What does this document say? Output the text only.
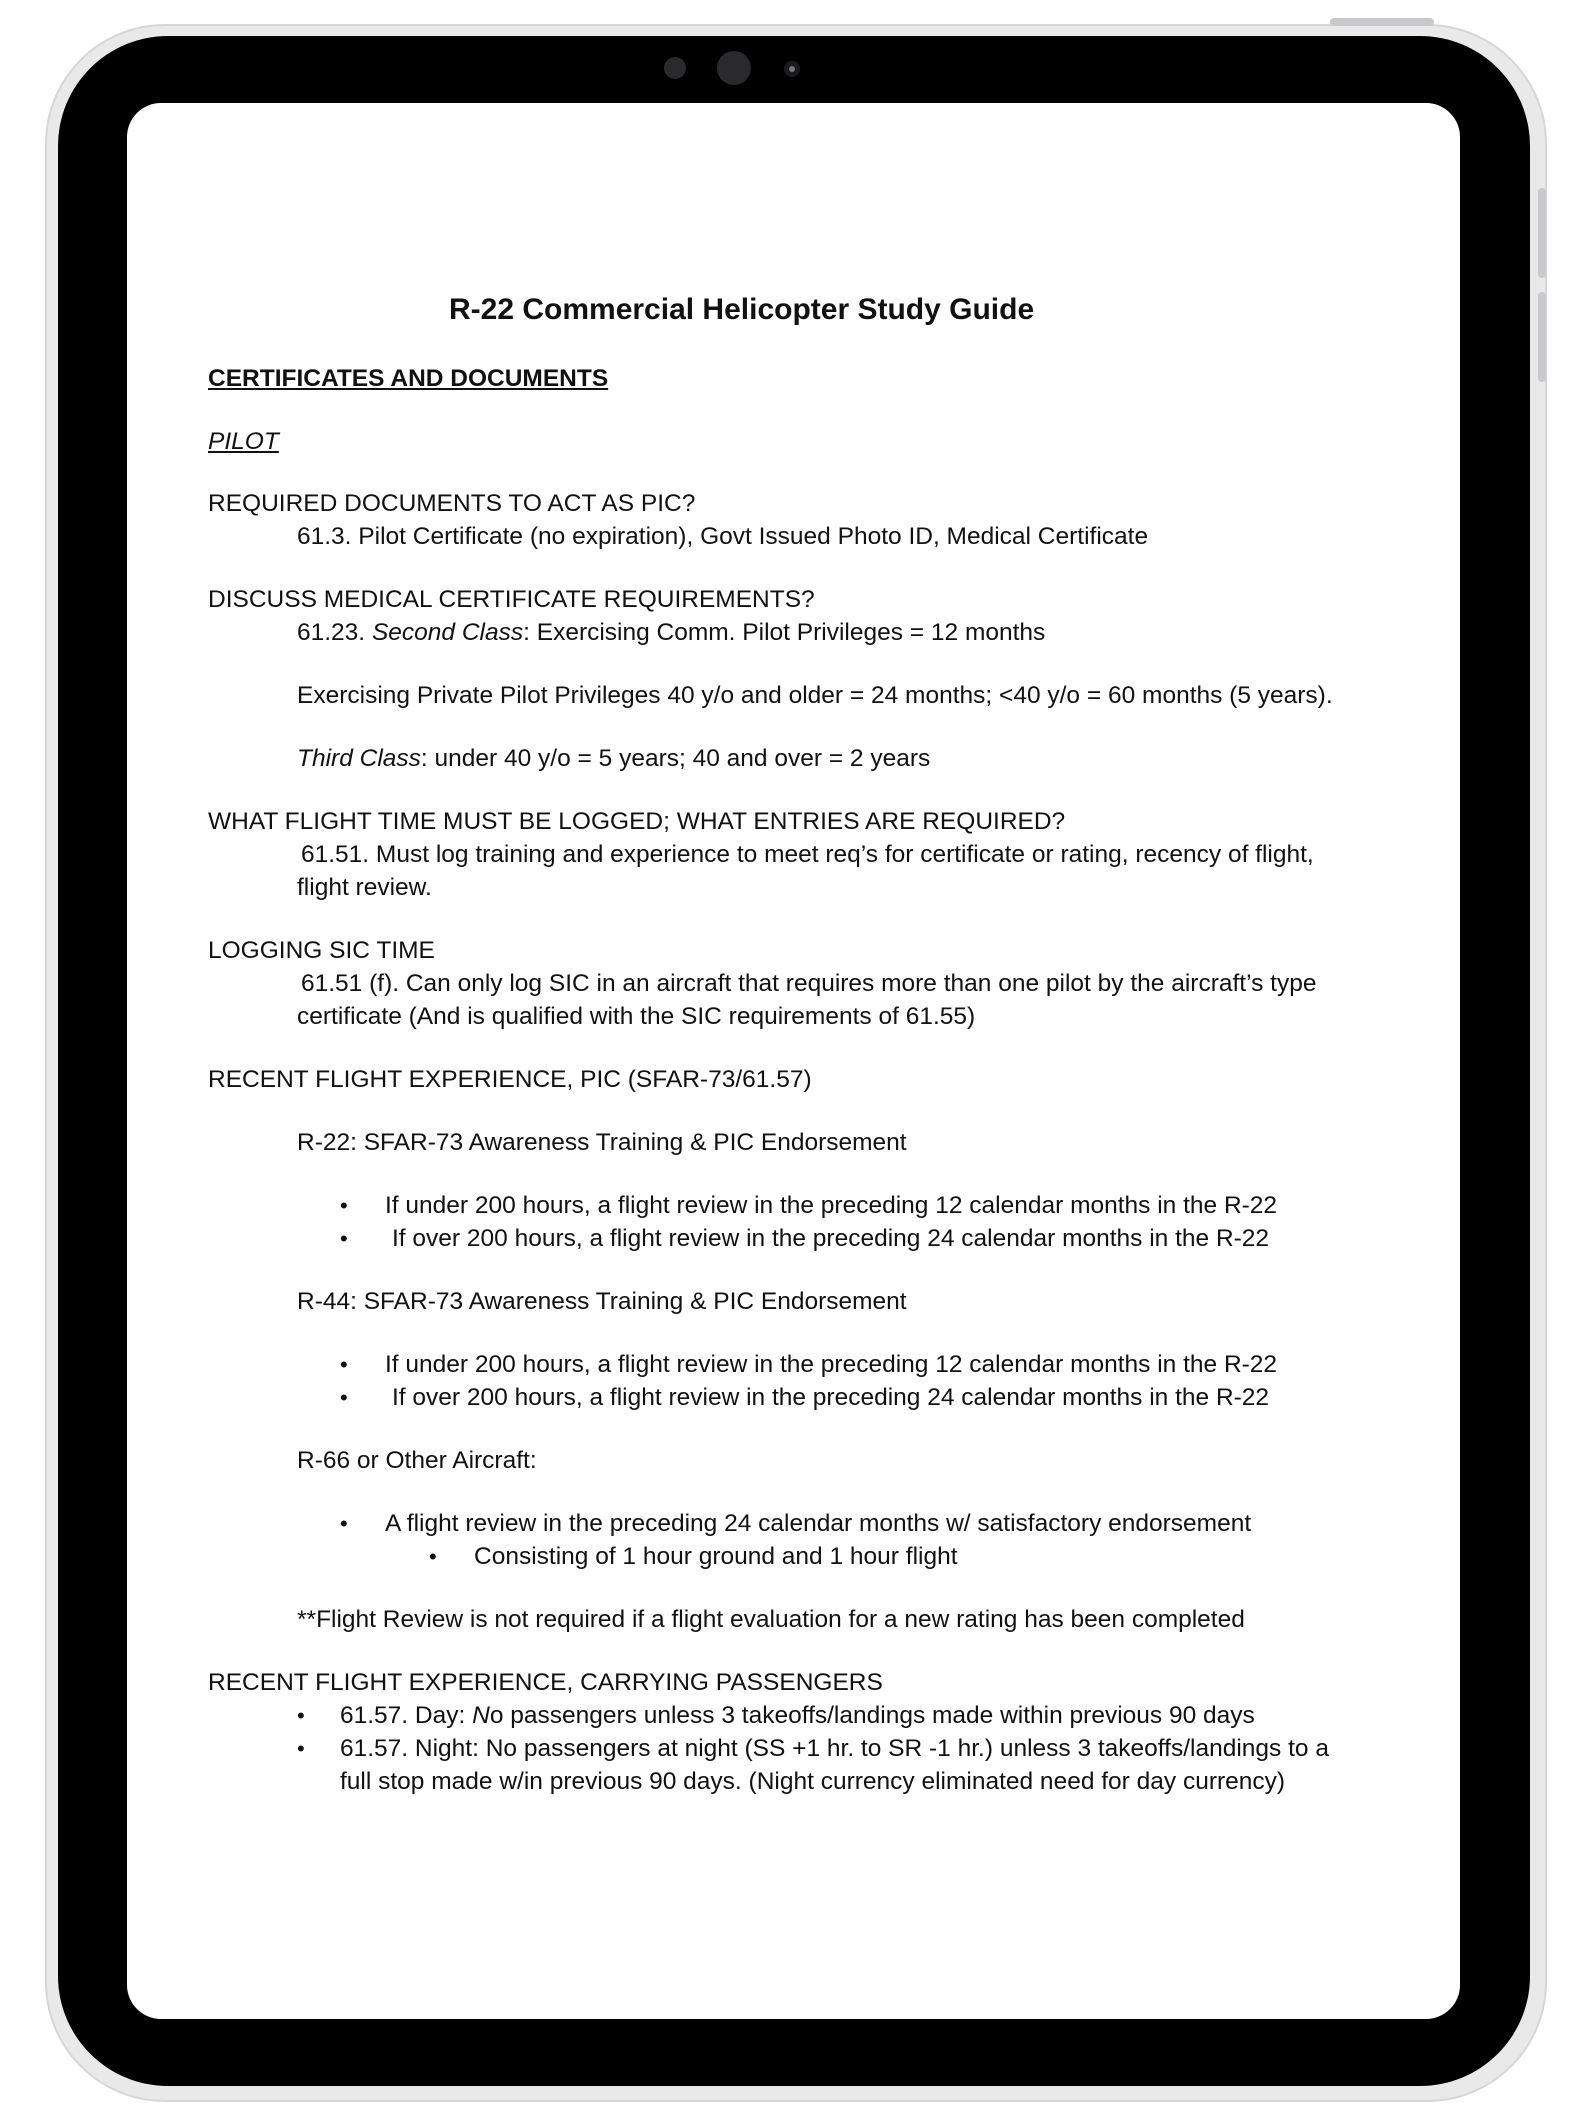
R-22 Commercial Helicopter Study Guide
CERTIFICATES AND DOCUMENTS
PILOT
REQUIRED DOCUMENTS TO ACT AS PIC?
61.3. Pilot Certificate (no expiration), Govt Issued Photo ID, Medical Certificate
DISCUSS MEDICAL CERTIFICATE REQUIREMENTS?
61.23. Second Class: Exercising Comm. Pilot Privileges = 12 months
Exercising Private Pilot Privileges 40 y/o and older = 24 months; <40 y/o = 60 months (5 years).
Third Class: under 40 y/o = 5 years; 40 and over = 2 years
WHAT FLIGHT TIME MUST BE LOGGED; WHAT ENTRIES ARE REQUIRED?
61.51. Must log training and experience to meet req’s for certificate or rating, recency of flight,
flight review.
LOGGING SIC TIME
61.51 (f). Can only log SIC in an aircraft that requires more than one pilot by the aircraft’s type
certificate (And is qualified with the SIC requirements of 61.55)
RECENT FLIGHT EXPERIENCE, PIC (SFAR-73/61.57)
R-22: SFAR-73 Awareness Training & PIC Endorsement
• If under 200 hours, a flight review in the preceding 12 calendar months in the R-22
• If over 200 hours, a flight review in the preceding 24 calendar months in the R-22
R-44: SFAR-73 Awareness Training & PIC Endorsement
• If under 200 hours, a flight review in the preceding 12 calendar months in the R-22
• If over 200 hours, a flight review in the preceding 24 calendar months in the R-22
R-66 or Other Aircraft:
• A flight review in the preceding 24 calendar months w/ satisfactory endorsement
• Consisting of 1 hour ground and 1 hour flight
**Flight Review is not required if a flight evaluation for a new rating has been completed
RECENT FLIGHT EXPERIENCE, CARRYING PASSENGERS
• 61.57. Day: No passengers unless 3 takeoffs/landings made within previous 90 days
• 61.57. Night: No passengers at night (SS +1 hr. to SR -1 hr.) unless 3 takeoffs/landings to a
full stop made w/in previous 90 days. (Night currency eliminated need for day currency)
